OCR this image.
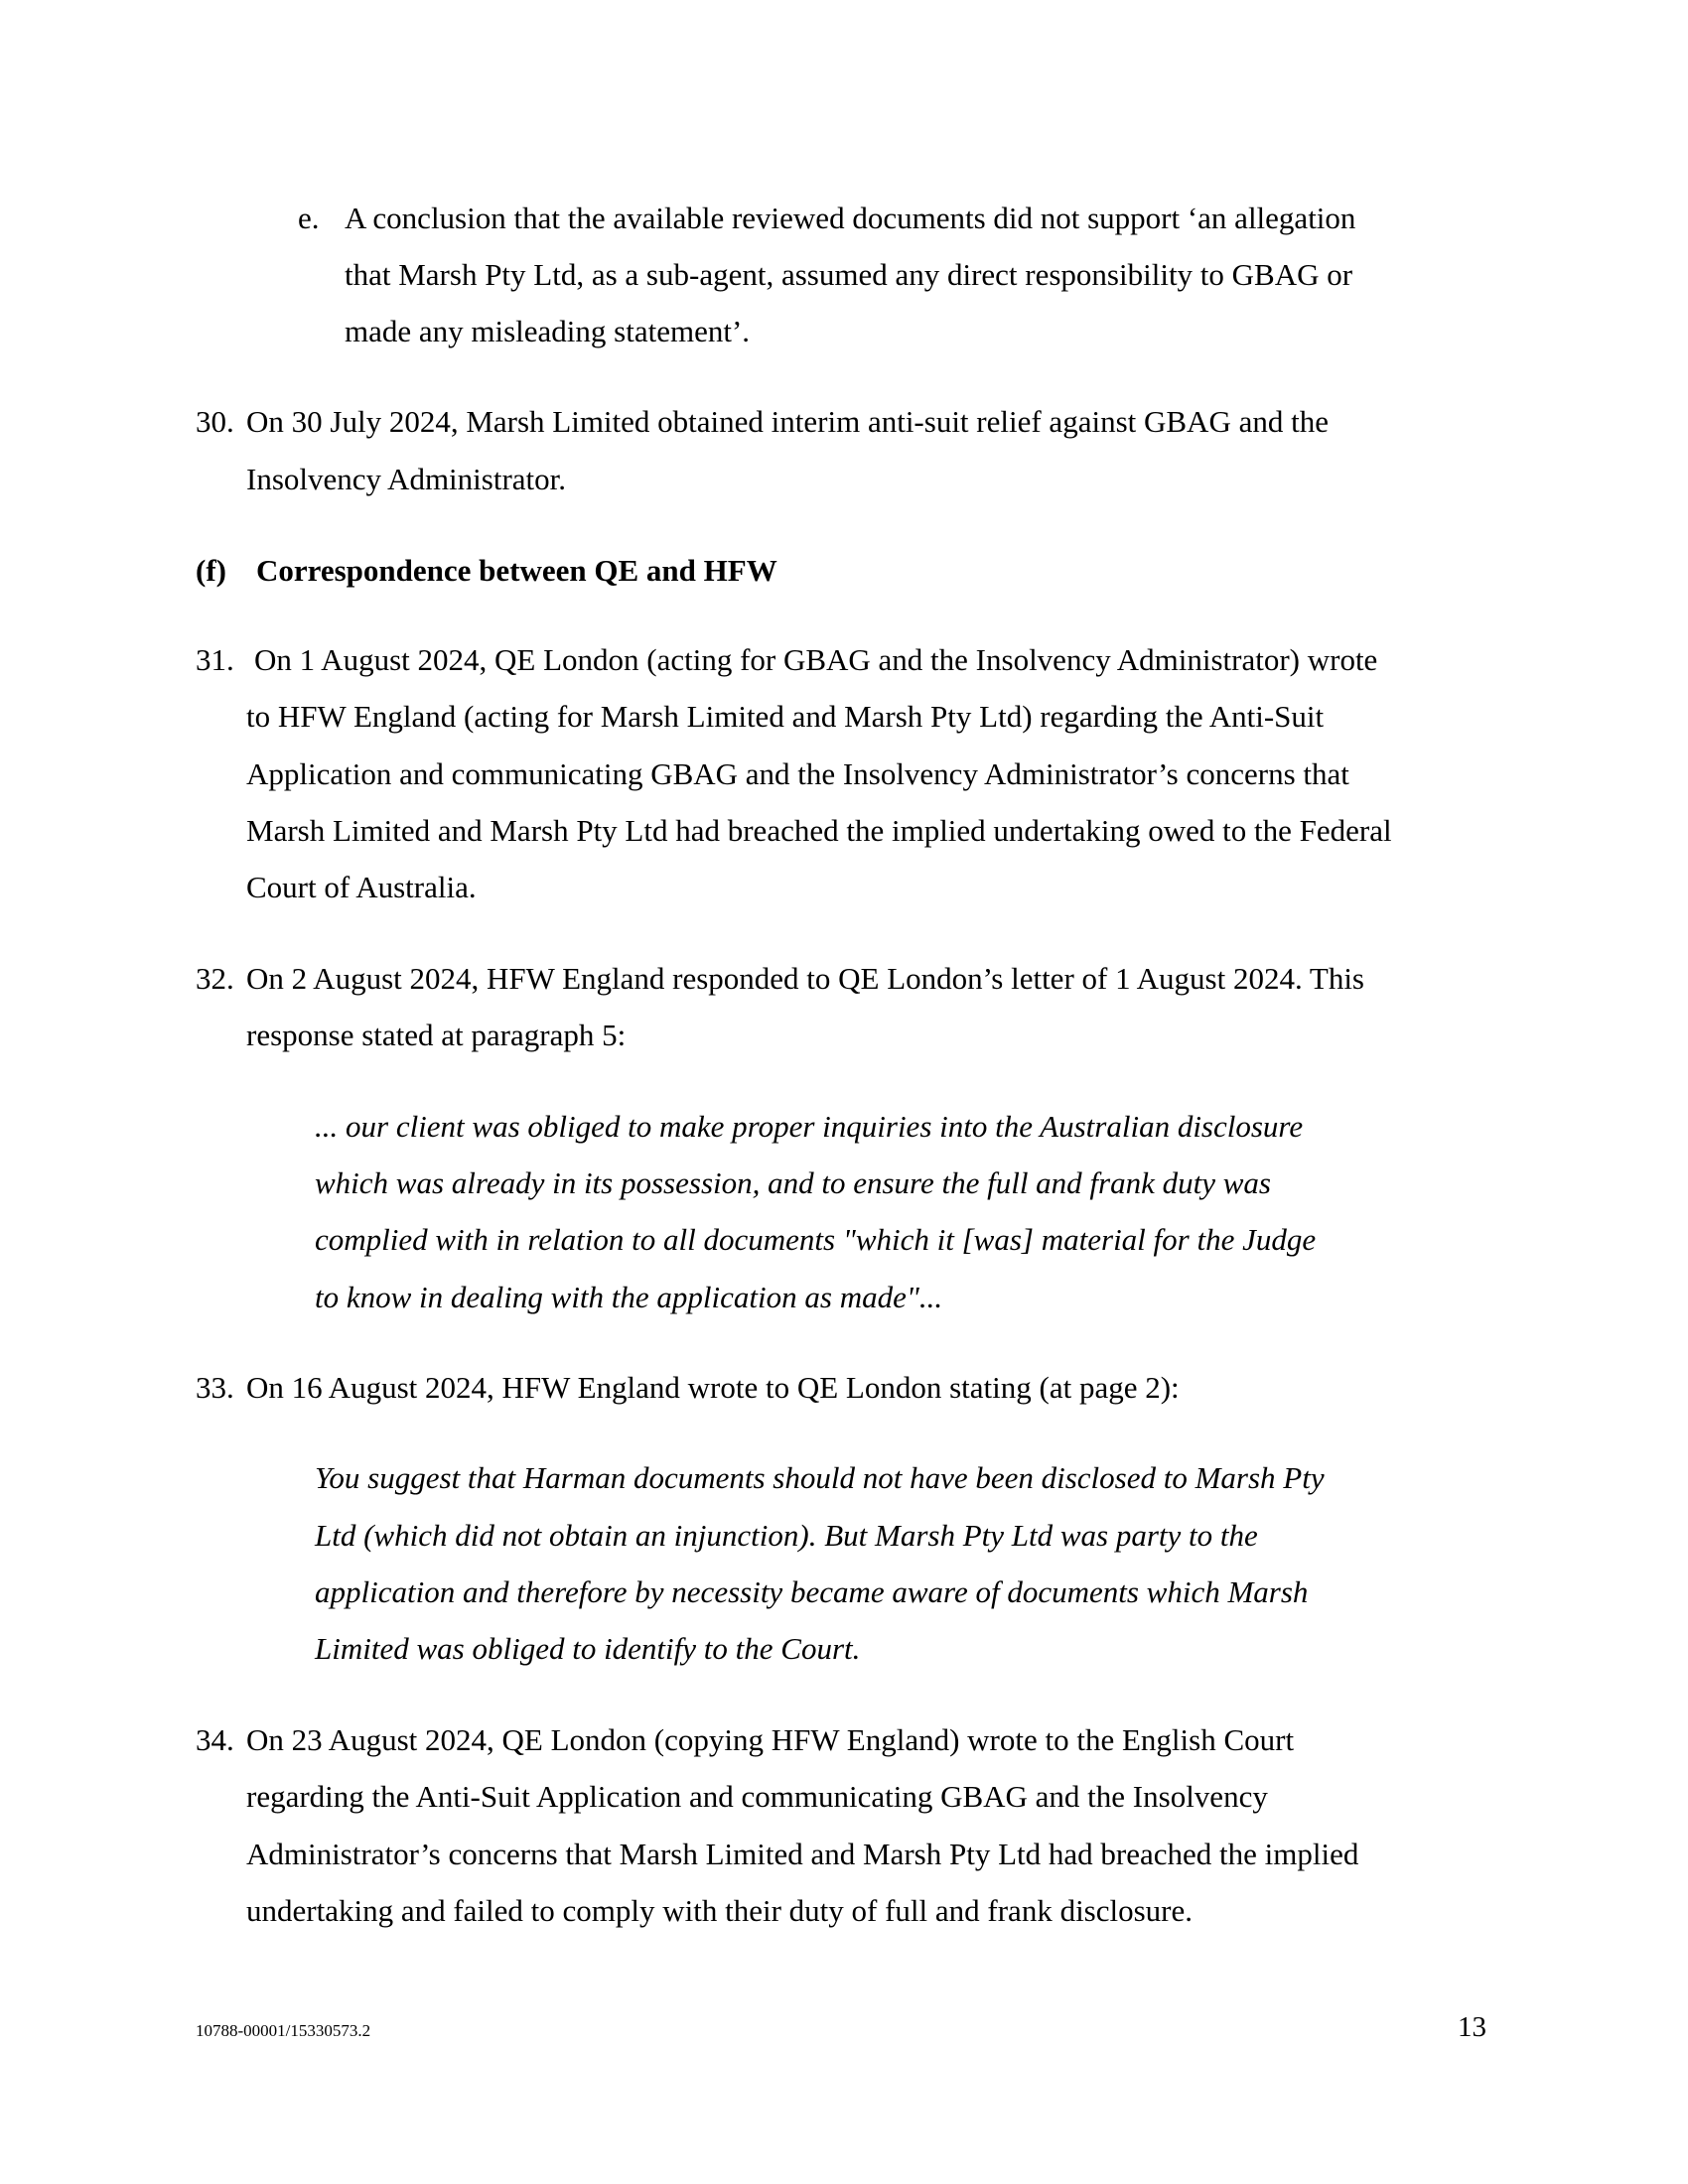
e. A conclusion that the available reviewed documents did not support ‘an allegation
that Marsh Pty Ltd, as a sub-agent, assumed any direct responsibility to GBAG or
made any misleading statement’.
30. On 30 July 2024, Marsh Limited obtained interim anti-suit relief against GBAG and the
Insolvency Administrator.
(f) Correspondence between QE and HFW
31. On 1 August 2024, QE London (acting for GBAG and the Insolvency Administrator) wrote
to HFW England (acting for Marsh Limited and Marsh Pty Ltd) regarding the Anti-Suit
Application and communicating GBAG and the Insolvency Administrator’s concerns that
Marsh Limited and Marsh Pty Ltd had breached the implied undertaking owed to the Federal
Court of Australia.
32. On 2 August 2024, HFW England responded to QE London’s letter of 1 August 2024. This
response stated at paragraph 5:
... our client was obliged to make proper inquiries into the Australian disclosure
which was already in its possession, and to ensure the full and frank duty was
complied with in relation to all documents "which it [was] material for the Judge
to know in dealing with the application as made"...
33. On 16 August 2024, HFW England wrote to QE London stating (at page 2):
You suggest that Harman documents should not have been disclosed to Marsh Pty
Ltd (which did not obtain an injunction). But Marsh Pty Ltd was party to the
application and therefore by necessity became aware of documents which Marsh
Limited was obliged to identify to the Court.
34. On 23 August 2024, QE London (copying HFW England) wrote to the English Court
regarding the Anti-Suit Application and communicating GBAG and the Insolvency
Administrator’s concerns that Marsh Limited and Marsh Pty Ltd had breached the implied
undertaking and failed to comply with their duty of full and frank disclosure.
10788-00001/15330573.2	13
